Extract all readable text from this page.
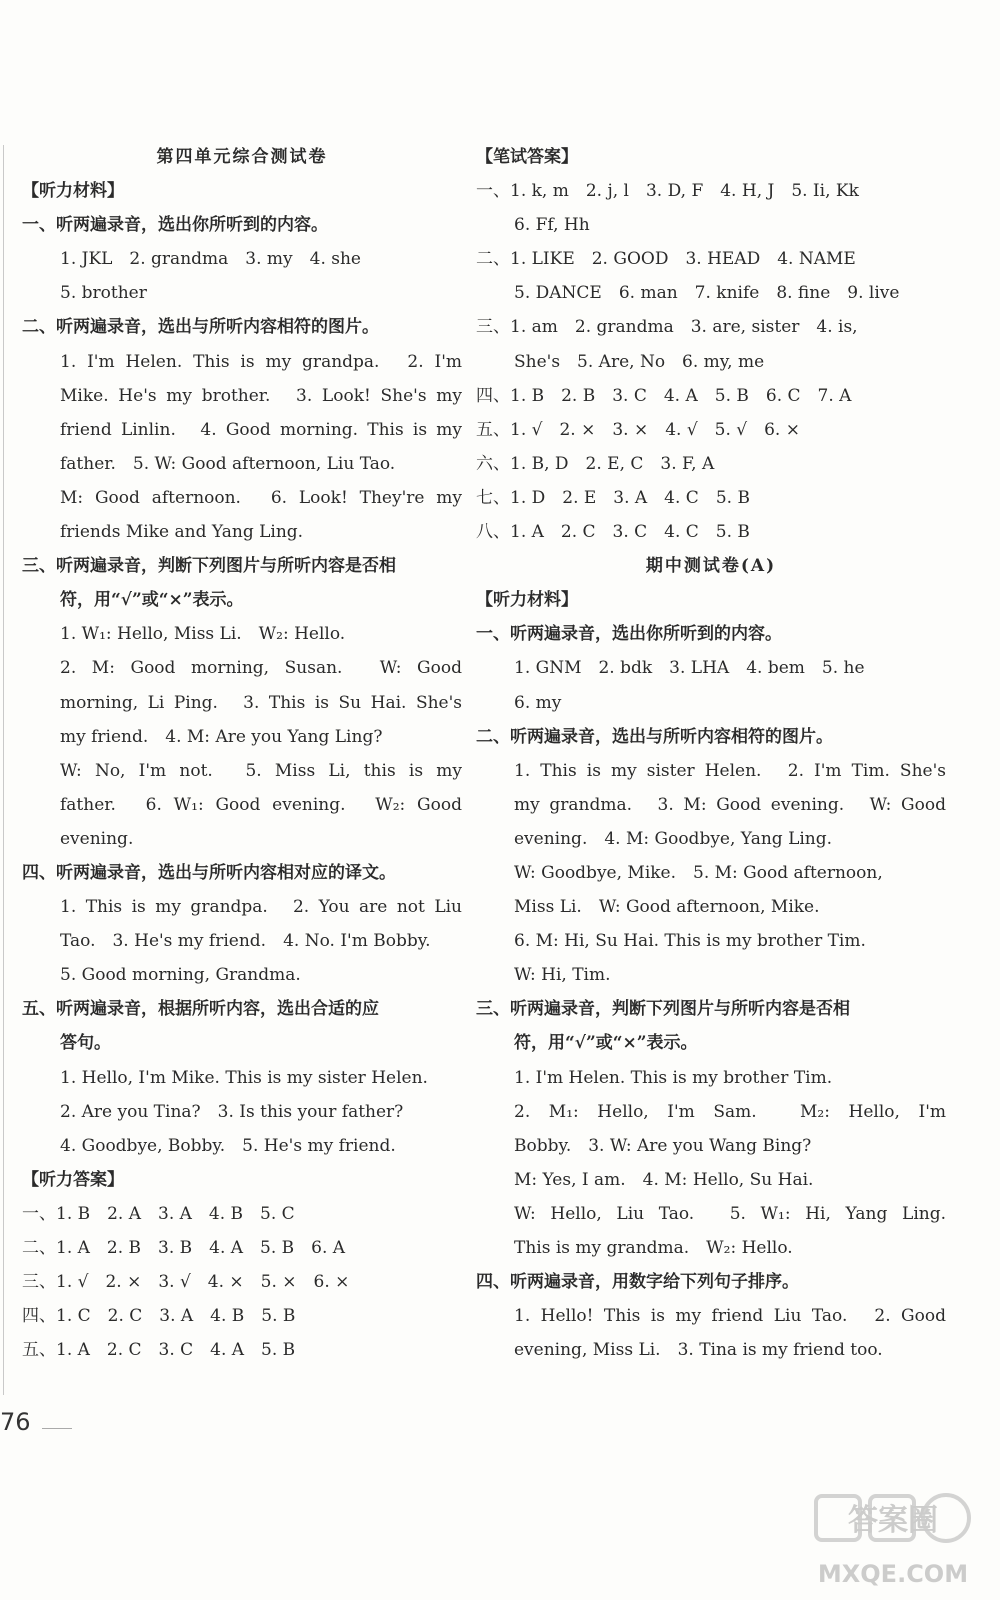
第四单元综合测试卷
【听力材料】
一、听两遍录音，选出你所听到的内容。
1. JKL　2. grandma　3. my　4. she
5. brother
二、听两遍录音，选出与所听内容相符的图片。
1. I'm Helen. This is my grandpa.　2. I'm
Mike. He's my brother.　3. Look! She's my
friend Linlin.　4. Good morning. This is my
father.　5. W: Good afternoon, Liu Tao.
M: Good afternoon.　6. Look! They're my
friends Mike and Yang Ling.
三、听两遍录音，判断下列图片与所听内容是否相
符，用“√”或“×”表示。
1. W₁: Hello, Miss Li.　W₂: Hello.
2. M: Good morning, Susan.　W: Good
morning, Li Ping.　3. This is Su Hai. She's
my friend.　4. M: Are you Yang Ling?
W: No, I'm not.　5. Miss Li, this is my
father.　6. W₁: Good evening.　W₂: Good
evening.
四、听两遍录音，选出与所听内容相对应的译文。
1. This is my grandpa.　2. You are not Liu
Tao.　3. He's my friend.　4. No. I'm Bobby.
5. Good morning, Grandma.
五、听两遍录音，根据所听内容，选出合适的应
答句。
1. Hello, I'm Mike. This is my sister Helen.
2. Are you Tina?　3. Is this your father?
4. Goodbye, Bobby.　5. He's my friend.
【听力答案】
一、1. B　2. A　3. A　4. B　5. C
二、1. A　2. B　3. B　4. A　5. B　6. A
三、1. √　2. ×　3. √　4. ×　5. ×　6. ×
四、1. C　2. C　3. A　4. B　5. B
五、1. A　2. C　3. C　4. A　5. B
【笔试答案】
一、1. k, m　2. j, l　3. D, F　4. H, J　5. Ii, Kk
6. Ff, Hh
二、1. LIKE　2. GOOD　3. HEAD　4. NAME
5. DANCE　6. man　7. knife　8. fine　9. live
三、1. am　2. grandma　3. are, sister　4. is,
She's　5. Are, No　6. my, me
四、1. B　2. B　3. C　4. A　5. B　6. C　7. A
五、1. √　2. ×　3. ×　4. √　5. √　6. ×
六、1. B, D　2. E, C　3. F, A
七、1. D　2. E　3. A　4. C　5. B
八、1. A　2. C　3. C　4. C　5. B
期中测试卷(A)
【听力材料】
一、听两遍录音，选出你所听到的内容。
1. GNM　2. bdk　3. LHA　4. bem　5. he
6. my
二、听两遍录音，选出与所听内容相符的图片。
1. This is my sister Helen.　2. I'm Tim. She's
my grandma.　3. M: Good evening.　W: Good
evening.　4. M: Goodbye, Yang Ling.
W: Goodbye, Mike.　5. M: Good afternoon,
Miss Li.　W: Good afternoon, Mike.
6. M: Hi, Su Hai. This is my brother Tim.
W: Hi, Tim.
三、听两遍录音，判断下列图片与所听内容是否相
符，用“√”或“×”表示。
1. I'm Helen. This is my brother Tim.
2. M₁: Hello, I'm Sam.　M₂: Hello, I'm
Bobby.　3. W: Are you Wang Bing?
M: Yes, I am.　4. M: Hello, Su Hai.
W: Hello, Liu Tao.　5. W₁: Hi, Yang Ling.
This is my grandma.　W₂: Hello.
四、听两遍录音，用数字给下列句子排序。
1. Hello! This is my friend Liu Tao.　2. Good
evening, Miss Li.　3. Tina is my friend too.
76
答案圈
MXQE.COM
